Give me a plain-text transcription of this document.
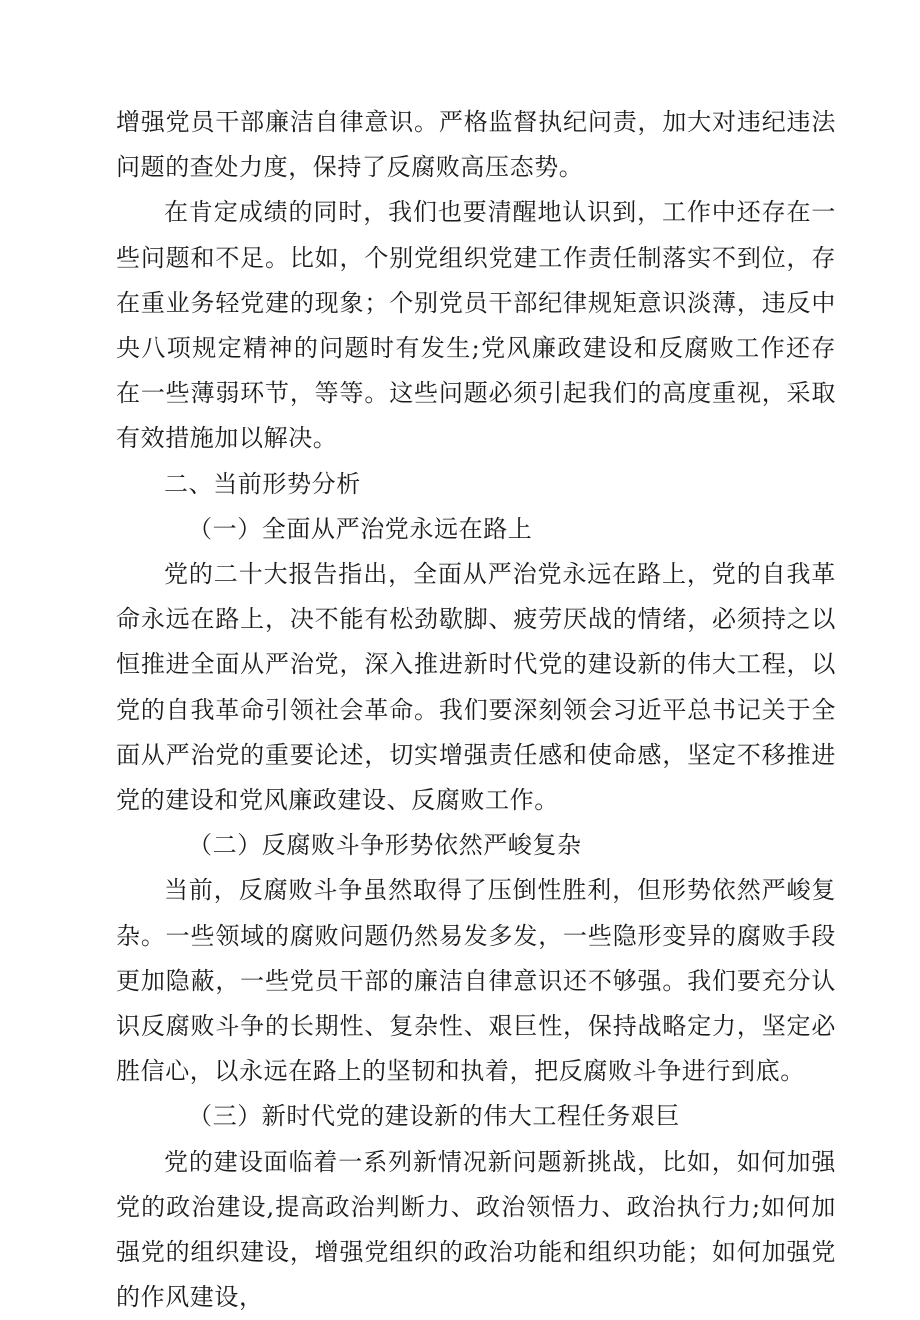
增强党员干部廉洁自律意识。严格监督执纪问责，加大对违纪违法问题的查处力度，保持了反腐败高压态势。

在肯定成绩的同时，我们也要清醒地认识到，工作中还存在一些问题和不足。比如，个别党组织党建工作责任制落实不到位，存在重业务轻党建的现象；个别党员干部纪律规矩意识淡薄，违反中央八项规定精神的问题时有发生;党风廉政建设和反腐败工作还存在一些薄弱环节，等等。这些问题必须引起我们的高度重视，采取有效措施加以解决。

二、当前形势分析

（一）全面从严治党永远在路上

党的二十大报告指出，全面从严治党永远在路上，党的自我革命永远在路上，决不能有松劲歇脚、疲劳厌战的情绪，必须持之以恒推进全面从严治党，深入推进新时代党的建设新的伟大工程，以党的自我革命引领社会革命。我们要深刻领会习近平总书记关于全面从严治党的重要论述，切实增强责任感和使命感，坚定不移推进党的建设和党风廉政建设、反腐败工作。

（二）反腐败斗争形势依然严峻复杂

当前，反腐败斗争虽然取得了压倒性胜利，但形势依然严峻复杂。一些领域的腐败问题仍然易发多发，一些隐形变异的腐败手段更加隐蔽，一些党员干部的廉洁自律意识还不够强。我们要充分认识反腐败斗争的长期性、复杂性、艰巨性，保持战略定力，坚定必胜信心，以永远在路上的坚韧和执着，把反腐败斗争进行到底。

（三）新时代党的建设新的伟大工程任务艰巨

党的建设面临着一系列新情况新问题新挑战，比如，如何加强党的政治建设,提高政治判断力、政治领悟力、政治执行力;如何加强党的组织建设，增强党组织的政治功能和组织功能；如何加强党的作风建设，
